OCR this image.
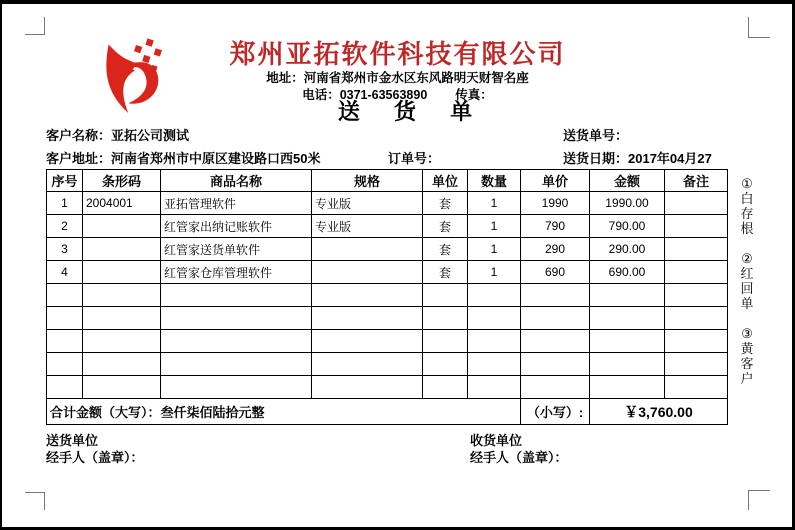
郑州亚拓软件科技有限公司
地址：河南省郑州市金水区东风路明天财智名座
电话：0371-63563890 传真：
送 货 单
客户名称：亚拓公司测试	送货单号：
客户地址：河南省郑州市中原区建设路口西50米	订单号：	送货日期：2017年04月27
序号	条形码	商品名称	规格	单位	数量	单价	金额	备注
1	2004001	亚拓管理软件	专业版	套	1	1990	1990.00	
2		红管家出纳记账软件	专业版	套	1	790	790.00	
3		红管家送货单软件		套	1	290	290.00	
4		红管家仓库管理软件		套	1	690	690.00	

合计金额（大写）：叁仟柒佰陆拾元整						（小写）:	￥3,760.00	
①
白
存
根
②
红
回
单
③
黄
客
户
送货单位
经手人（盖章）：
收货单位
经手人（盖章）：
